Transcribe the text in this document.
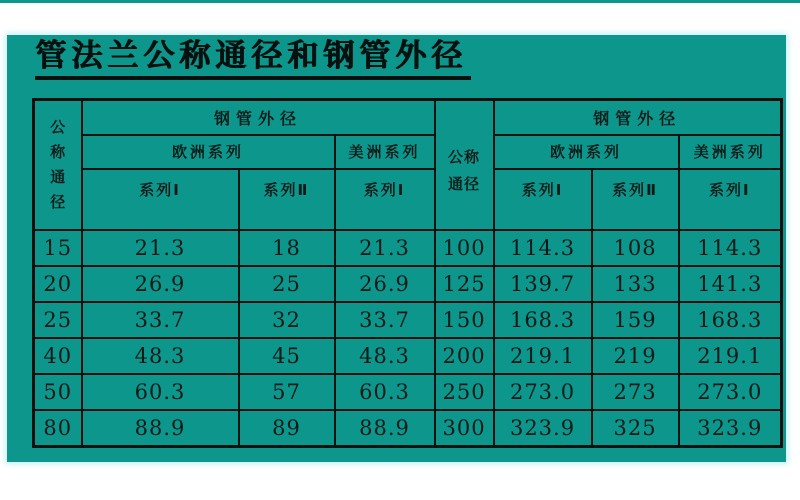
管法兰公称通径和钢管外径
公称通径	钢管外径			公称通径	钢管外径		
	欧洲系列		美洲系列		欧洲系列		美洲系列
	系列Ⅰ	系列Ⅱ	系列Ⅰ		系列Ⅰ	系列Ⅱ	系列Ⅰ
15	21.3	18	21.3	100	114.3	108	114.3
20	26.9	25	26.9	125	139.7	133	141.3
25	33.7	32	33.7	150	168.3	159	168.3
40	48.3	45	48.3	200	219.1	219	219.1
50	60.3	57	60.3	250	273.0	273	273.0
80	88.9	89	88.9	300	323.9	325	323.9
